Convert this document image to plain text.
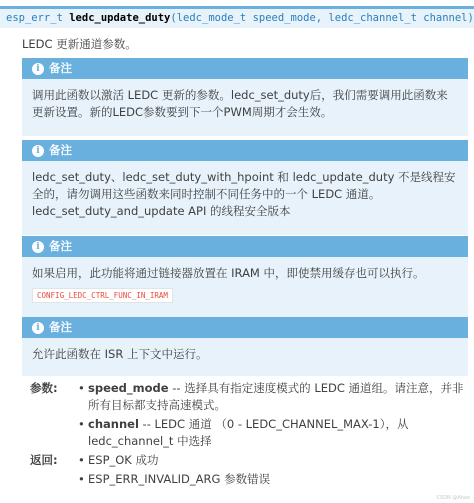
esp_err_t ledc_update_duty(ledc_mode_t speed_mode, ledc_channel_t channel)
LEDC 更新通道参数。
i 备注
调用此函数以激活 LEDC 更新的参数。ledc_set_duty后，我们需要调用此函数来更新设置。新的LEDC参数要到下一个PWM周期才会生效。
i 备注
ledc_set_duty、ledc_set_duty_with_hpoint 和 ledc_update_duty 不是线程安全的，请勿调用这些函数来同时控制不同任务中的一个 LEDC 通道。ledc_set_duty_and_update API 的线程安全版本
i 备注
如果启用，此功能将通过链接器放置在 IRAM 中，即使禁用缓存也可以执行。
CONFIG_LEDC_CTRL_FUNC_IN_IRAM
i 备注
允许此函数在 ISR 上下文中运行。
参数: • speed_mode -- 选择具有指定速度模式的 LEDC 通道组。请注意，并非所有目标都支持高速模式。
• channel -- LEDC 通道 （0 - LEDC_CHANNEL_MAX-1），从 ledc_channel_t 中选择
返回: • ESP_OK 成功
• ESP_ERR_INVALID_ARG 参数错误
CSDN @Ahao
